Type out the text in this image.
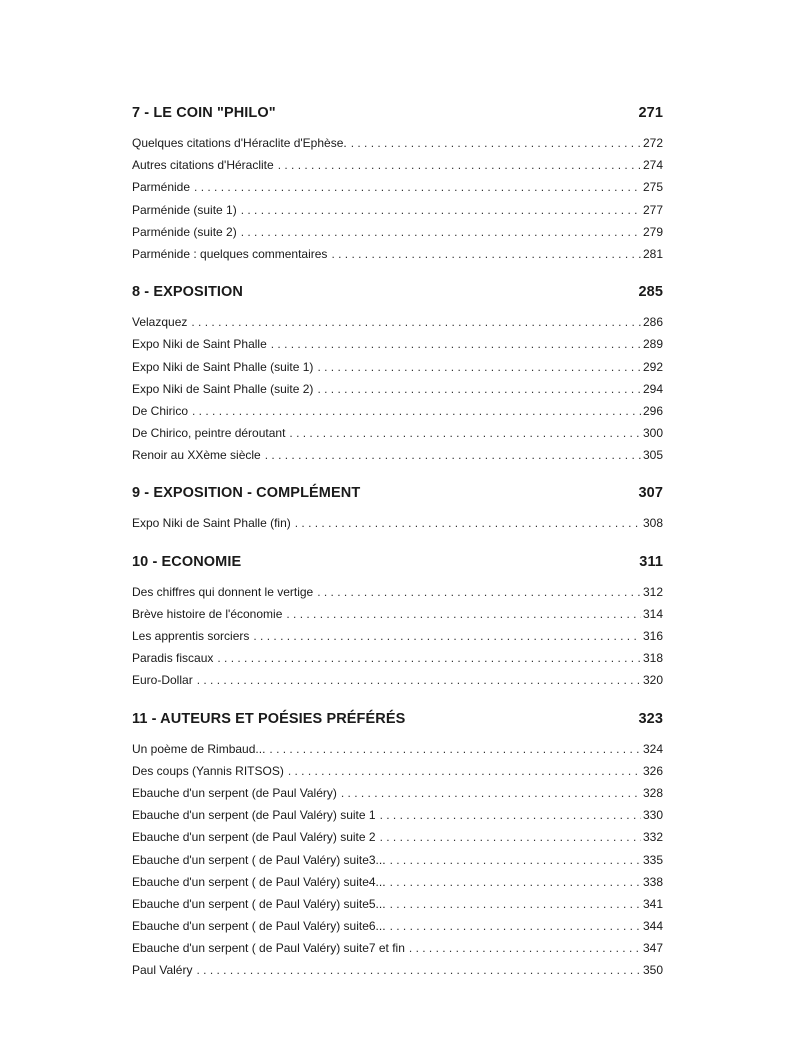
7 - LE COIN "PHILO"	271
Quelques citations d'Héraclite d'Ephèse. . . .	272
Autres citations d'Héraclite . . .	274
Parménide . . .	275
Parménide (suite 1) . . .	277
Parménide (suite 2) . . .	279
Parménide : quelques commentaires . . .	281
8 - EXPOSITION	285
Velazquez . . .	286
Expo Niki de Saint Phalle . . .	289
Expo Niki de Saint Phalle (suite 1) . . .	292
Expo Niki de Saint Phalle (suite 2) . . .	294
De Chirico . . .	296
De Chirico, peintre déroutant . . .	300
Renoir au XXème siècle . . .	305
9 - EXPOSITION - COMPLÉMENT	307
Expo Niki de Saint Phalle (fin) . . .	308
10 - ECONOMIE	311
Des chiffres qui donnent le vertige . . .	312
Brève histoire de l'économie . . .	314
Les apprentis sorciers . . .	316
Paradis fiscaux . . .	318
Euro-Dollar . . .	320
11 - AUTEURS ET POÉSIES PRÉFÉRÉS	323
Un poème de Rimbaud... . . .	324
Des coups (Yannis RITSOS) . . .	326
Ebauche d'un serpent (de Paul Valéry) . . .	328
Ebauche d'un serpent (de Paul Valéry) suite 1 . . .	330
Ebauche d'un serpent (de Paul Valéry) suite 2 . . .	332
Ebauche d'un serpent ( de Paul Valéry) suite3... . . .	335
Ebauche d'un serpent ( de Paul Valéry) suite4... . . .	338
Ebauche d'un serpent ( de Paul Valéry) suite5... . . .	341
Ebauche d'un serpent ( de Paul Valéry) suite6... . . .	344
Ebauche d'un serpent ( de Paul Valéry) suite7 et fin . . .	347
Paul Valéry . . .	350
